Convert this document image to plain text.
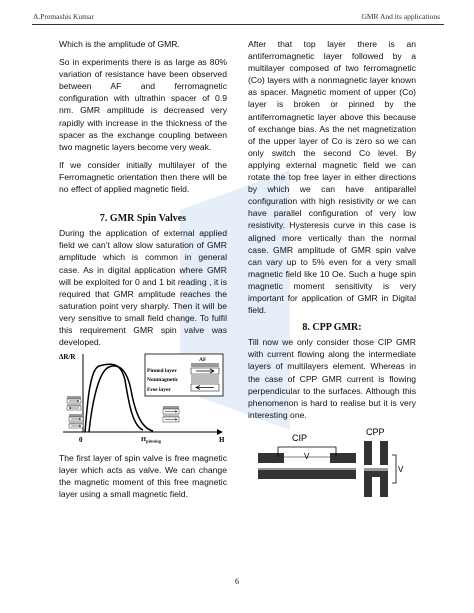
A.Premashis Kumar	GMR And its applications

Which is the amplitude of GMR.

So in experiments there is as large as 80% variation of resistance have been observed between AF and ferromagnetic configuration with ultrathin spacer of 0.9 nm. GMR amplitude is decreased very rapidly with increase in the thickness of the spacer as the exchange coupling between two magnetic layers become very weak.

If we consider initially multilayer of the Ferromagnetic orientation then there will be no effect of applied magnetic field.

7. GMR Spin Valves

During the application of external applied field we can’t allow slow saturation of GMR amplitude which is common in general case. As in digital application where GMR will be exploited for 0 and 1 bit reading , it is required that GMR amplitude reaches the saturation point very sharply. Then it will be very sensitive to small field change. To fulfil this requirement GMR spin valve was developed.

ΔR/R	AF
Pinned layer
Nonmagnetic
Free layer
0	$H_{pinning}$	H

The first layer of spin valve is free magnetic layer which acts as valve. We can change the magnetic moment of this free magnetic layer using a small magnetic field.

After that top layer there is an antiferromagnetic layer followed by a multilayer composed of two ferromagnetic (Co) layers with a nonmagnetic layer known as spacer. Magnetic moment of upper (Co) layer is broken or pinned by the antiferromagnetic layer above this because of exchange bias. As the net magnetization of the upper layer of Co is zero so we can only switch the second Co level. By applying external magnetic field we can rotate the top free layer in either directions by which we can have antiparallel configuration with high resistivity or we can have parallel configuration of very low resistivity. Hysteresis curve in this case is aligned more vertically than the normal case. GMR amplitude of GMR spin valve can vary up to 5% even for a very small magnetic field like 10 Oe. Such a huge spin magnetic moment sensitivity is very important for application of GMR in Digital field.

8. CPP GMR:

Till now we only consider those CIP GMR with current flowing along the intermediate layers of multilayers element. Whereas in the case of CPP GMR current is flowing perpendicular to the surfaces. Although this phenomenon is hard to realise but it is very interesting one.

CIP
CPP
V
V
6
